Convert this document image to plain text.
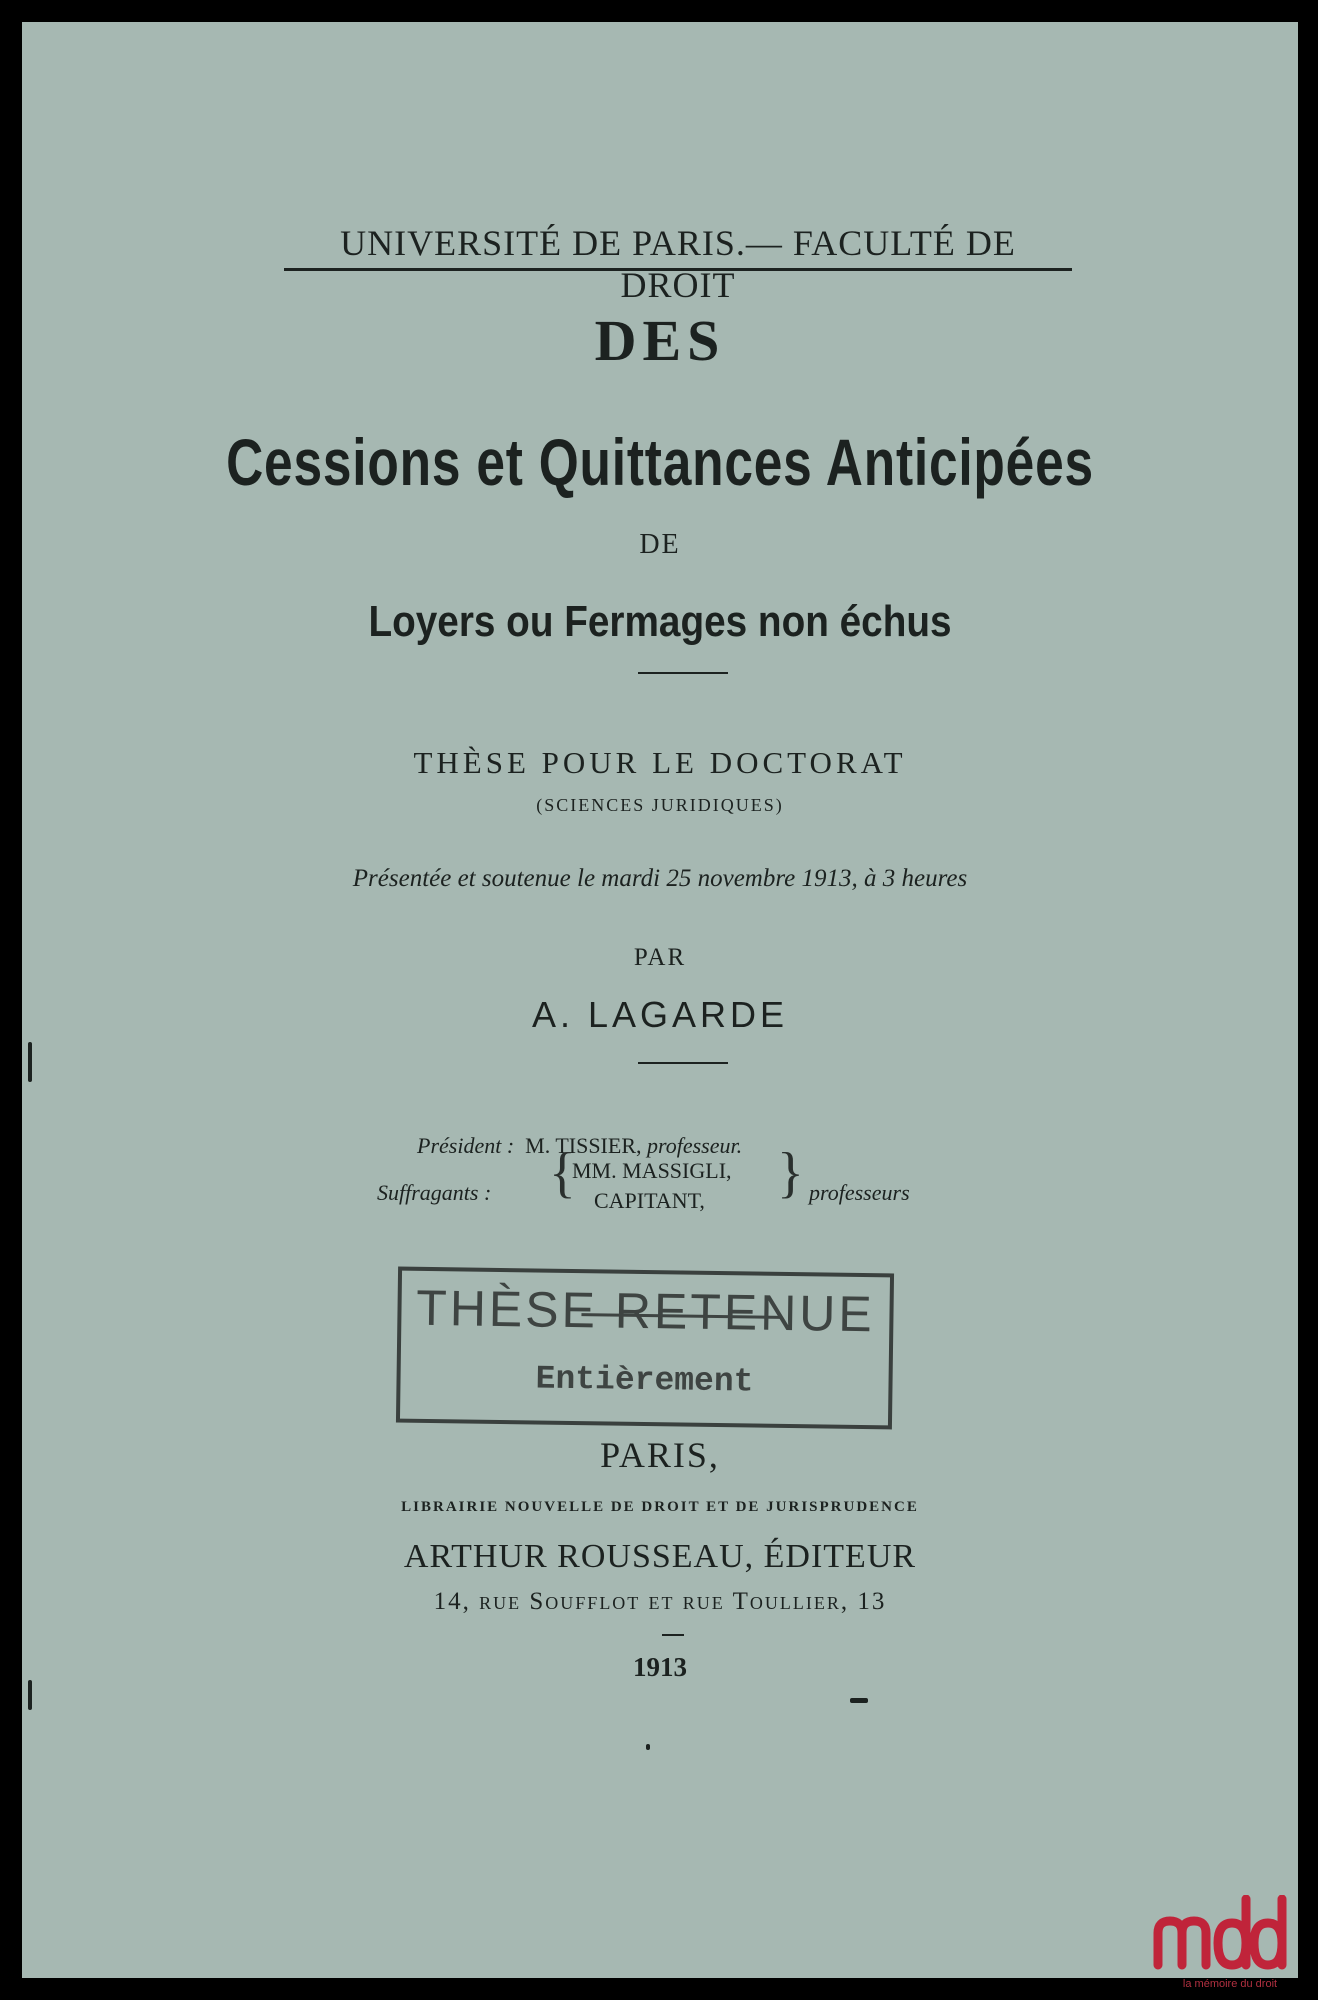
UNIVERSITÉ DE PARIS.— FACULTÉ DE DROIT
DES
Cessions et Quittances Anticipées
DE
Loyers ou Fermages non échus
THÈSE POUR LE DOCTORAT
(SCIENCES JURIDIQUES)
Présentée et soutenue le mardi 25 novembre 1913, à 3 heures
PAR
A. LAGARDE
Président : M. TISSIER, professeur.
Suffragants : {
MM. MASSIGLI,
CAPITANT,	} professeurs
THÈSE RETENUE
Entièrement
PARIS,
LIBRAIRIE NOUVELLE DE DROIT ET DE JURISPRUDENCE
ARTHUR ROUSSEAU, ÉDITEUR
14, rue Soufflot et rue Toullier, 13
1913
la mémoire du droit
